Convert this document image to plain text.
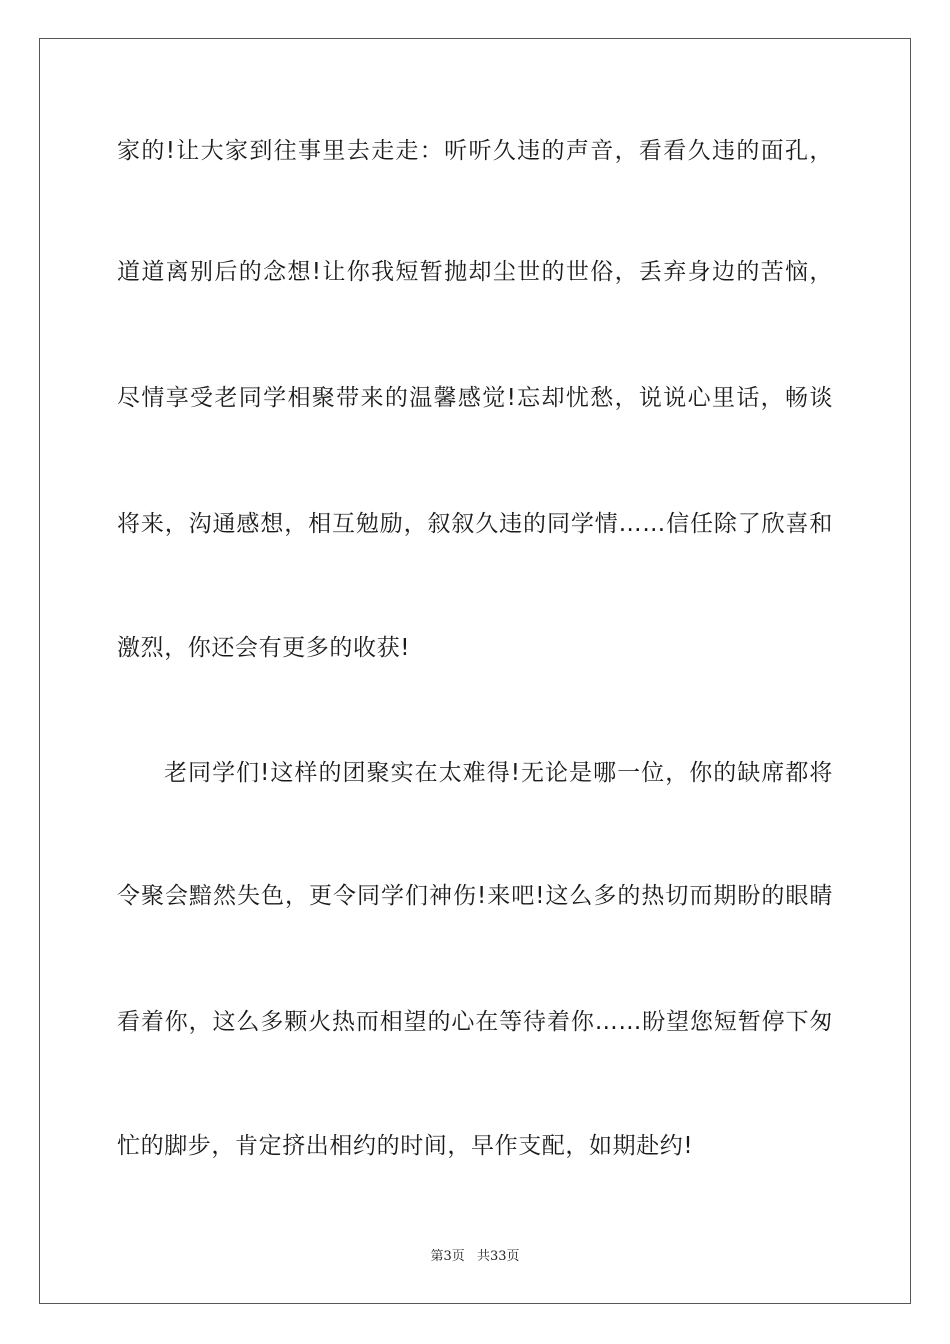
家的!让大家到往事里去走走：听听久违的声音，看看久违的面孔，
道道离别后的念想!让你我短暂抛却尘世的世俗，丢弃身边的苦恼，
尽情享受老同学相聚带来的温馨感觉!忘却忧愁，说说心里话，畅谈
将来，沟通感想，相互勉励，叙叙久违的同学情……信任除了欣喜和
激烈，你还会有更多的收获!
老同学们!这样的团聚实在太难得!无论是哪一位，你的缺席都将
令聚会黯然失色，更令同学们神伤!来吧!这么多的热切而期盼的眼睛
看着你，这么多颗火热而相望的心在等待着你……盼望您短暂停下匆
忙的脚步，肯定挤出相约的时间，早作支配，如期赴约!
第3页 共33页
